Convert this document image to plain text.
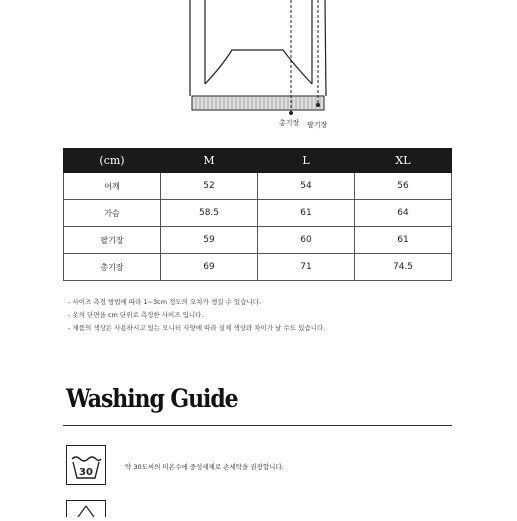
총기장 팔기장
(cm)	M	L	XL
어깨	52	54	56
가슴	58.5	61	64
팔기장	59	60	61
총기장	69	71	74.5
- 사이즈 측정 방법에 따라 1~3cm 정도의 오차가 생길 수 있습니다.
- 옷의 단면을 cm 단위로 측정한 사이즈 입니다.
- 제품의 색상은 사용하시고 있는 모니터 사양에 따라 실제 색상과 차이가 날 수도 있습니다.
Washing Guide
30	약 30도씨의 미온수에 중성세제로 손세탁을 권장합니다.
